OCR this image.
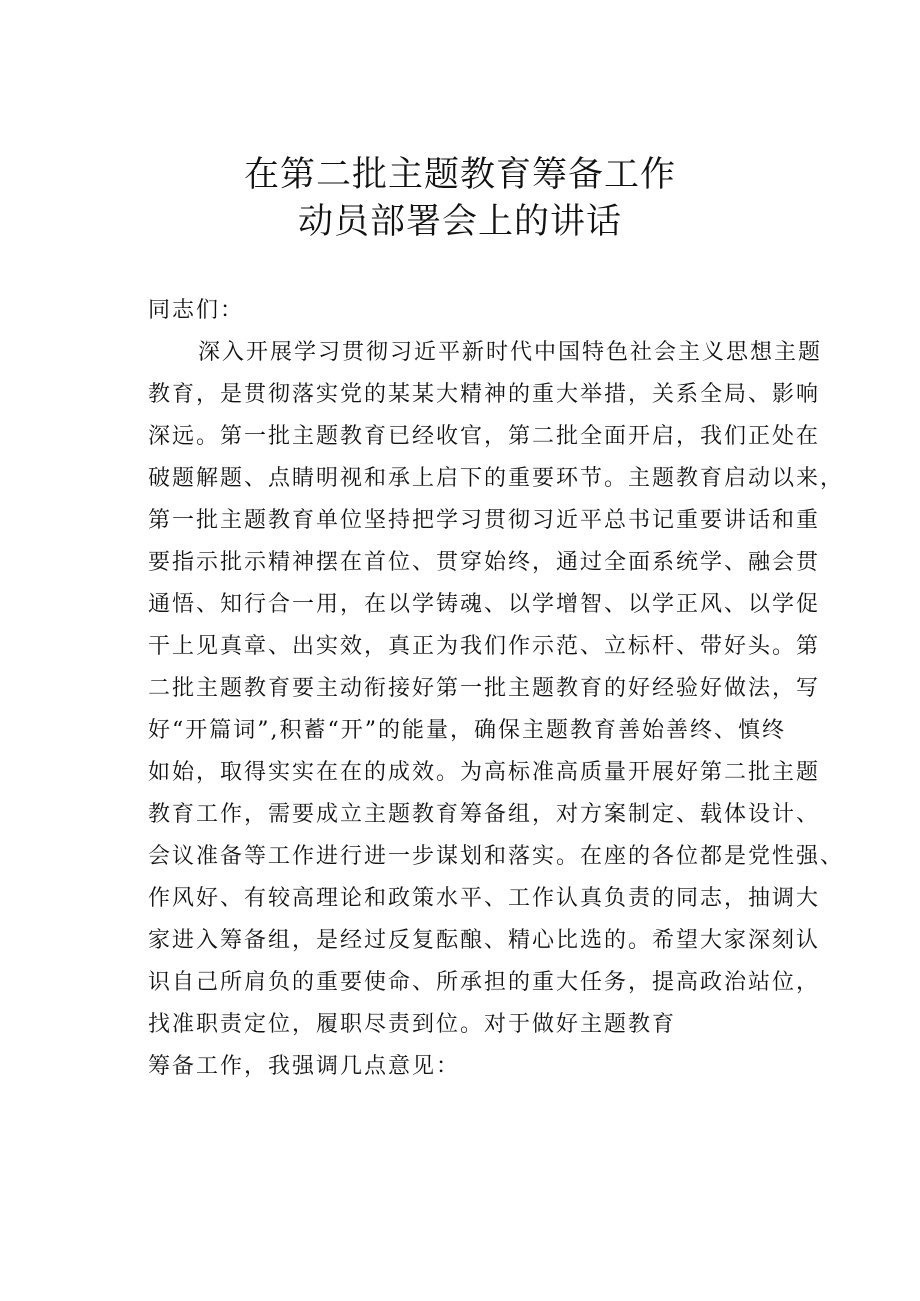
在第二批主题教育筹备工作
动员部署会上的讲话
同志们：
深入开展学习贯彻习近平新时代中国特色社会主义思想主题
教育，是贯彻落实党的某某大精神的重大举措，关系全局、影响
深远。第一批主题教育已经收官，第二批全面开启，我们正处在
破题解题、点睛明视和承上启下的重要环节。主题教育启动以来，
第一批主题教育单位坚持把学习贯彻习近平总书记重要讲话和重
要指示批示精神摆在首位、贯穿始终，通过全面系统学、融会贯
通悟、知行合一用，在以学铸魂、以学增智、以学正风、以学促
干上见真章、出实效，真正为我们作示范、立标杆、带好头。第
二批主题教育要主动衔接好第一批主题教育的好经验好做法，写
好“开篇词”,积蓄“开”的能量，确保主题教育善始善终、慎终
如始，取得实实在在的成效。为高标准高质量开展好第二批主题
教育工作，需要成立主题教育筹备组，对方案制定、载体设计、
会议准备等工作进行进一步谋划和落实。在座的各位都是党性强、
作风好、有较高理论和政策水平、工作认真负责的同志，抽调大
家进入筹备组，是经过反复酝酿、精心比选的。希望大家深刻认
识自己所肩负的重要使命、所承担的重大任务，提高政治站位，
找准职责定位，履职尽责到位。对于做好主题教育
筹备工作，我强调几点意见：
